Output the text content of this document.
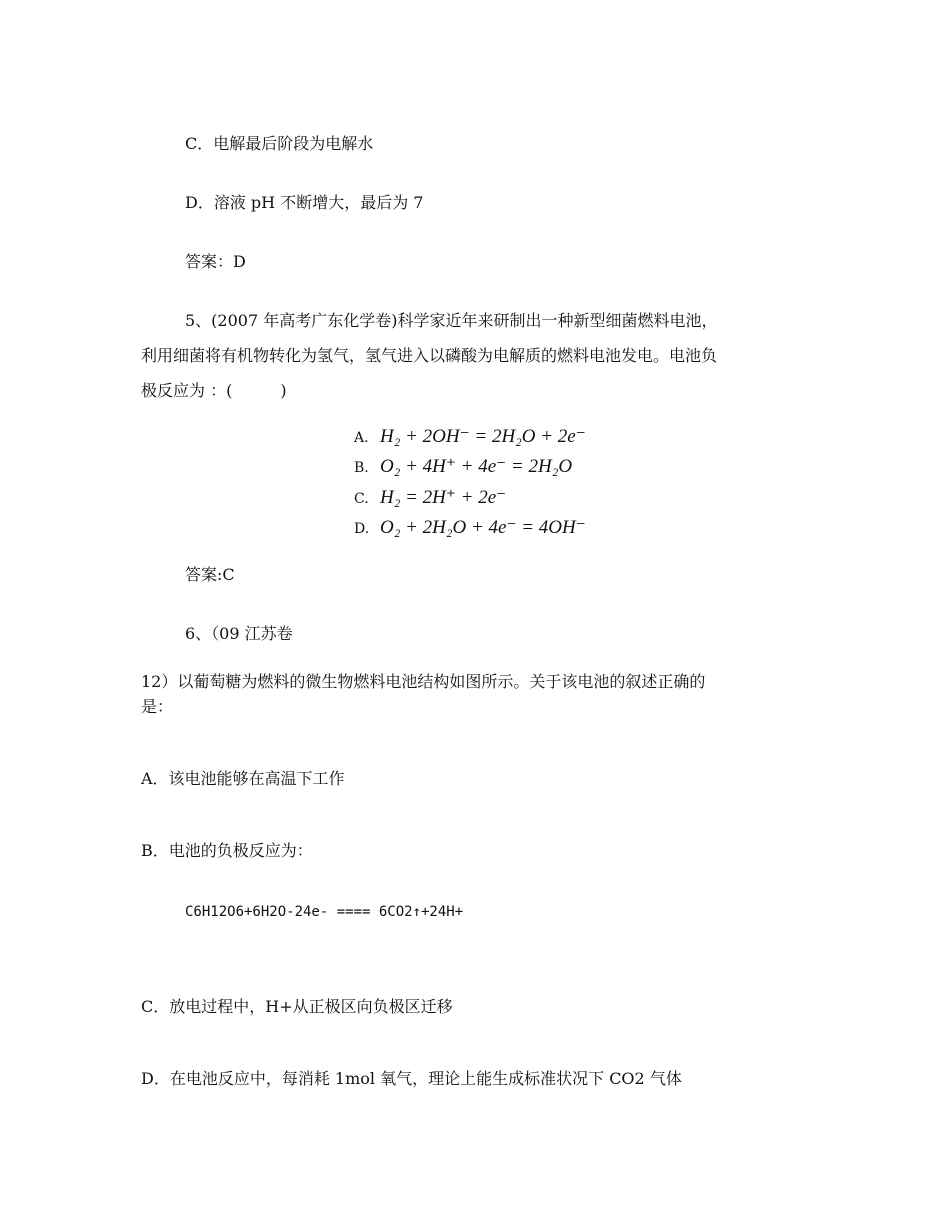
C．电解最后阶段为电解水
D．溶液 pH 不断增大，最后为 7
答案：D
5、(2007 年高考广东化学卷)科学家近年来研制出一种新型细菌燃料电池，
利用细菌将有机物转化为氢气，氢气进入以磷酸为电解质的燃料电池发电。电池负
极反应为 ：(　　　)
A. H₂ + 2OH⁻ = 2H₂O + 2e⁻
B. O₂ + 4H⁺ + 4e⁻ = 2H₂O
C. H₂ = 2H⁺ + 2e⁻
D. O₂ + 2H₂O + 4e⁻ = 4OH⁻
答案:C
6、（09 江苏卷
12）以葡萄糖为燃料的微生物燃料电池结构如图所示。关于该电池的叙述正确的
是：
A．该电池能够在高温下工作
B．电池的负极反应为：
C6H12O6+6H2O-24e- ==== 6CO2↑+24H+
C．放电过程中，H+从正极区向负极区迁移
D．在电池反应中，每消耗 1mol 氧气，理论上能生成标准状况下 CO2 气体
